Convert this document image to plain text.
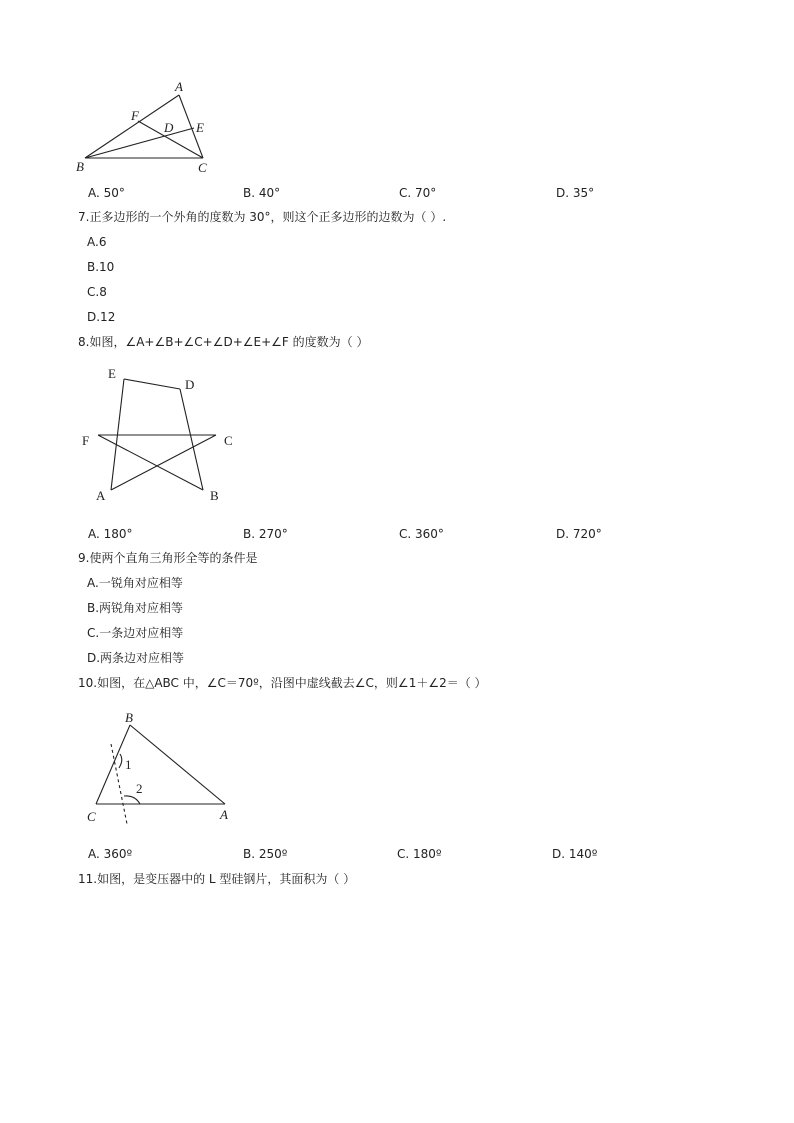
A
B	C
D E
F
A. 50°	B. 40°	C. 70°	D. 35°
7.正多边形的一个外角的度数为 30°，则这个正多边形的边数为（ ）.
A.6
B.10
C.8
D.12
8.如图，∠A+∠B+∠C+∠D+∠E+∠F 的度数为（ ）
E
D
F	C
A	B
A. 180°	B. 270°	C. 360°	D. 720°
9.使两个直角三角形全等的条件是
A.一锐角对应相等
B.两锐角对应相等
C.一条边对应相等
D.两条边对应相等
10.如图，在△ABC 中，∠C＝70º，沿图中虚线截去∠C，则∠1＋∠2＝（ ）
1
2
B
C	A
A. 360º	B. 250º	C. 180º	D. 140º
11.如图，是变压器中的 L 型硅钢片，其面积为（ ）
